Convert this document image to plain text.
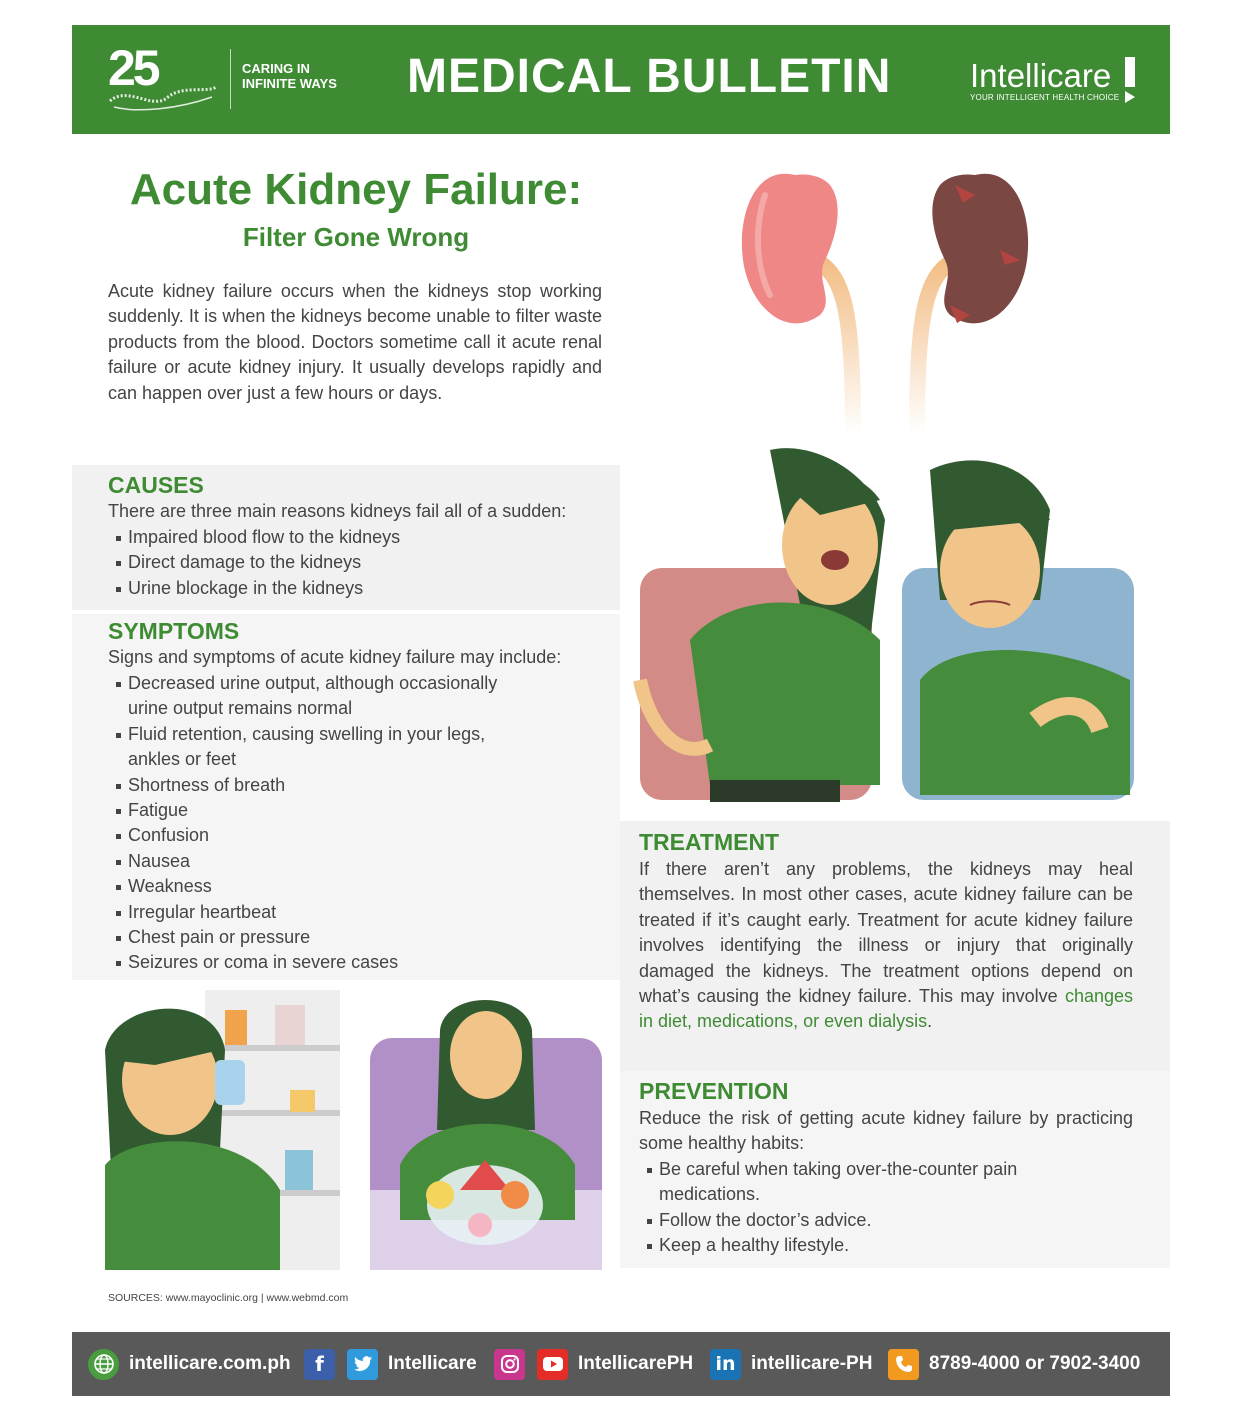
25	CARING IN
INFINITE WAYS	MEDICAL BULLETIN Intellicare
YOUR INTELLIGENT HEALTH CHOICE
Acute Kidney Failure:
Filter Gone Wrong
Acute kidney failure occurs when the kidneys stop working suddenly. It is when the kidneys become unable to filter waste products from the blood. Doctors sometime call it acute renal failure or acute kidney injury. It usually develops rapidly and can happen over just a few hours or days.
CAUSES
There are three main reasons kidneys fail all of a sudden:
Impaired blood flow to the kidneys
Direct damage to the kidneys
Urine blockage in the kidneys
SYMPTOMS
Signs and symptoms of acute kidney failure may include:
Decreased urine output, although occasionally urine output remains normal
Fluid retention, causing swelling in your legs, ankles or feet
Shortness of breath
Fatigue
Confusion
Nausea
Weakness
Irregular heartbeat
Chest pain or pressure
Seizures or coma in severe cases
TREATMENT
If there aren’t any problems, the kidneys may heal themselves. In most other cases, acute kidney failure can be treated if it’s caught early. Treatment for acute kidney failure involves identifying the illness or injury that originally damaged the kidneys. The treatment options depend on what’s causing the kidney failure. This may involve changes in diet, medications, or even dialysis.
PREVENTION
Reduce the risk of getting acute kidney failure by practicing some healthy habits:
Be careful when taking over-the-counter pain medications.
Follow the doctor’s advice.
Keep a healthy lifestyle.
SOURCES: www.mayoclinic.org | www.webmd.com
intellicare.com.ph	f	Intellicare	IntellicarePH in intellicare-PH	8789-4000 or 7902-3400
